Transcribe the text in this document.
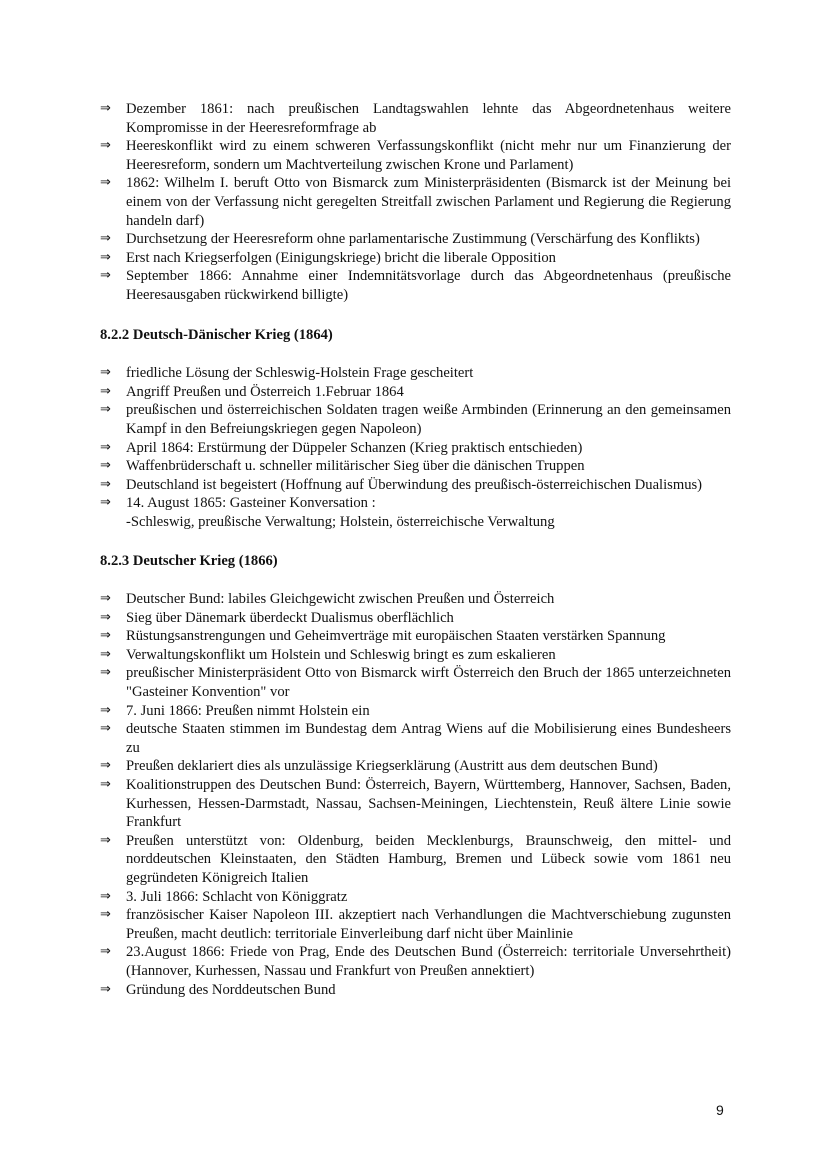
⇒ Dezember 1861: nach preußischen Landtagswahlen lehnte das Abgeordnetenhaus weitere Kompromisse in der Heeresreformfrage ab
⇒ Heereskonflikt wird zu einem schweren Verfassungskonflikt (nicht mehr nur um Finanzierung der Heeresreform, sondern um Machtverteilung zwischen Krone und Parlament)
⇒ 1862: Wilhelm I. beruft Otto von Bismarck zum Ministerpräsidenten (Bismarck ist der Meinung bei einem von der Verfassung nicht geregelten Streitfall zwischen Parlament und Regierung die Regierung handeln darf)
⇒ Durchsetzung der Heeresreform ohne parlamentarische Zustimmung (Verschärfung des Konflikts)
⇒ Erst nach Kriegserfolgen (Einigungskriege) bricht die liberale Opposition
⇒ September 1866: Annahme einer Indemnitätsvorlage durch das Abgeordnetenhaus (preußische Heeresausgaben rückwirkend billigte)
8.2.2 Deutsch-Dänischer Krieg (1864)
⇒ friedliche Lösung der Schleswig-Holstein Frage gescheitert
⇒ Angriff Preußen und Österreich 1.Februar 1864
⇒ preußischen und österreichischen Soldaten tragen weiße Armbinden (Erinnerung an den gemeinsamen Kampf in den Befreiungskriegen gegen Napoleon)
⇒ April 1864: Erstürmung der Düppeler Schanzen (Krieg praktisch entschieden)
⇒ Waffenbrüderschaft u. schneller militärischer Sieg über die dänischen Truppen
⇒ Deutschland ist begeistert (Hoffnung auf Überwindung des preußisch-österreichischen Dualismus)
⇒ 14. August 1865: Gasteiner Konversation :
-Schleswig, preußische Verwaltung; Holstein, österreichische Verwaltung
8.2.3 Deutscher Krieg (1866)
⇒ Deutscher Bund: labiles Gleichgewicht zwischen Preußen und Österreich
⇒ Sieg über Dänemark überdeckt Dualismus oberflächlich
⇒ Rüstungsanstrengungen und Geheimverträge mit europäischen Staaten verstärken Spannung
⇒ Verwaltungskonflikt um Holstein und Schleswig bringt es zum eskalieren
⇒ preußischer Ministerpräsident Otto von Bismarck wirft Österreich den Bruch der 1865 unterzeichneten "Gasteiner Konvention" vor
⇒ 7. Juni 1866: Preußen nimmt Holstein ein
⇒ deutsche Staaten stimmen im Bundestag dem Antrag Wiens auf die Mobilisierung eines Bundesheers zu
⇒ Preußen deklariert dies als unzulässige Kriegserklärung (Austritt aus dem deutschen Bund)
⇒ Koalitionstruppen des Deutschen Bund: Österreich, Bayern, Württemberg, Hannover, Sachsen, Baden, Kurhessen, Hessen-Darmstadt, Nassau, Sachsen-Meiningen, Liechtenstein, Reuß ältere Linie sowie Frankfurt
⇒ Preußen unterstützt von: Oldenburg, beiden Mecklenburgs, Braunschweig, den mittel- und norddeutschen Kleinstaaten, den Städten Hamburg, Bremen und Lübeck sowie vom 1861 neu gegründeten Königreich Italien
⇒ 3. Juli 1866: Schlacht von Königgratz
⇒ französischer Kaiser Napoleon III. akzeptiert nach Verhandlungen die Machtverschiebung zugunsten Preußen, macht deutlich: territoriale Einverleibung darf nicht über Mainlinie
⇒ 23.August 1866: Friede von Prag, Ende des Deutschen Bund (Österreich: territoriale Unversehrtheit) (Hannover, Kurhessen, Nassau und Frankfurt von Preußen annektiert)
⇒ Gründung des Norddeutschen Bund
9
